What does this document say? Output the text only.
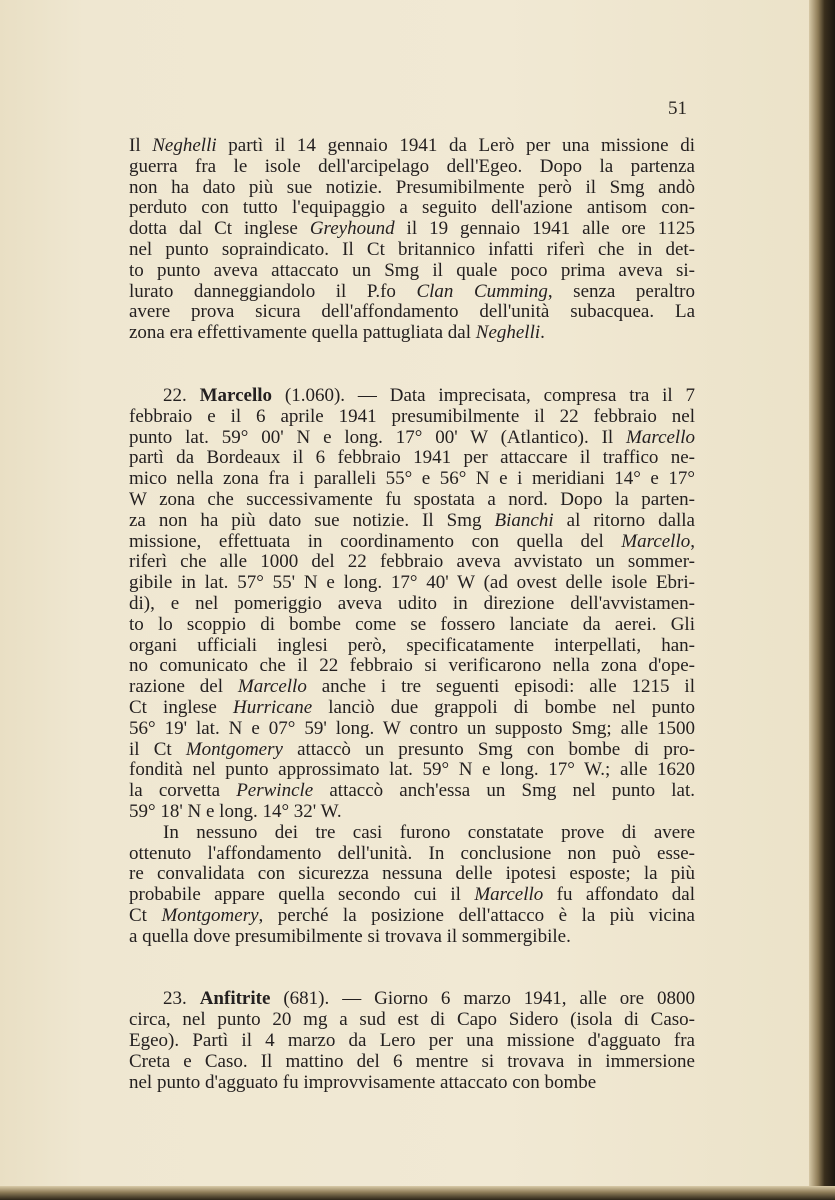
51
Il Neghelli partì il 14 gennaio 1941 da Lerò per una missione di
guerra fra le isole dell'arcipelago dell'Egeo. Dopo la partenza
non ha dato più sue notizie. Presumibilmente però il Smg andò
perduto con tutto l'equipaggio a seguito dell'azione antisom con-
dotta dal Ct inglese Greyhound il 19 gennaio 1941 alle ore 1125
nel punto sopraindicato. Il Ct britannico infatti riferì che in det-
to punto aveva attaccato un Smg il quale poco prima aveva si-
lurato danneggiandolo il P.fo Clan Cumming, senza peraltro
avere prova sicura dell'affondamento dell'unità subacquea. La
zona era effettivamente quella pattugliata dal Neghelli.
22. Marcello (1.060). — Data imprecisata, compresa tra il 7
febbraio e il 6 aprile 1941 presumibilmente il 22 febbraio nel
punto lat. 59° 00' N e long. 17° 00' W (Atlantico). Il Marcello
partì da Bordeaux il 6 febbraio 1941 per attaccare il traffico ne-
mico nella zona fra i paralleli 55° e 56° N e i meridiani 14° e 17°
W zona che successivamente fu spostata a nord. Dopo la parten-
za non ha più dato sue notizie. Il Smg Bianchi al ritorno dalla
missione, effettuata in coordinamento con quella del Marcello,
riferì che alle 1000 del 22 febbraio aveva avvistato un sommer-
gibile in lat. 57° 55' N e long. 17° 40' W (ad ovest delle isole Ebri-
di), e nel pomeriggio aveva udito in direzione dell'avvistamen-
to lo scoppio di bombe come se fossero lanciate da aerei. Gli
organi ufficiali inglesi però, specificatamente interpellati, han-
no comunicato che il 22 febbraio si verificarono nella zona d'ope-
razione del Marcello anche i tre seguenti episodi: alle 1215 il
Ct inglese Hurricane lanciò due grappoli di bombe nel punto
56° 19' lat. N e 07° 59' long. W contro un supposto Smg; alle 1500
il Ct Montgomery attaccò un presunto Smg con bombe di pro-
fondità nel punto approssimato lat. 59° N e long. 17° W.; alle 1620
la corvetta Perwincle attaccò anch'essa un Smg nel punto lat.
59° 18' N e long. 14° 32' W.
In nessuno dei tre casi furono constatate prove di avere
ottenuto l'affondamento dell'unità. In conclusione non può esse-
re convalidata con sicurezza nessuna delle ipotesi esposte; la più
probabile appare quella secondo cui il Marcello fu affondato dal
Ct Montgomery, perché la posizione dell'attacco è la più vicina
a quella dove presumibilmente si trovava il sommergibile.
23. Anfitrite (681). — Giorno 6 marzo 1941, alle ore 0800
circa, nel punto 20 mg a sud est di Capo Sidero (isola di Caso-
Egeo). Partì il 4 marzo da Lero per una missione d'agguato fra
Creta e Caso. Il mattino del 6 mentre si trovava in immersione
nel punto d'agguato fu improvvisamente attaccato con bombe
